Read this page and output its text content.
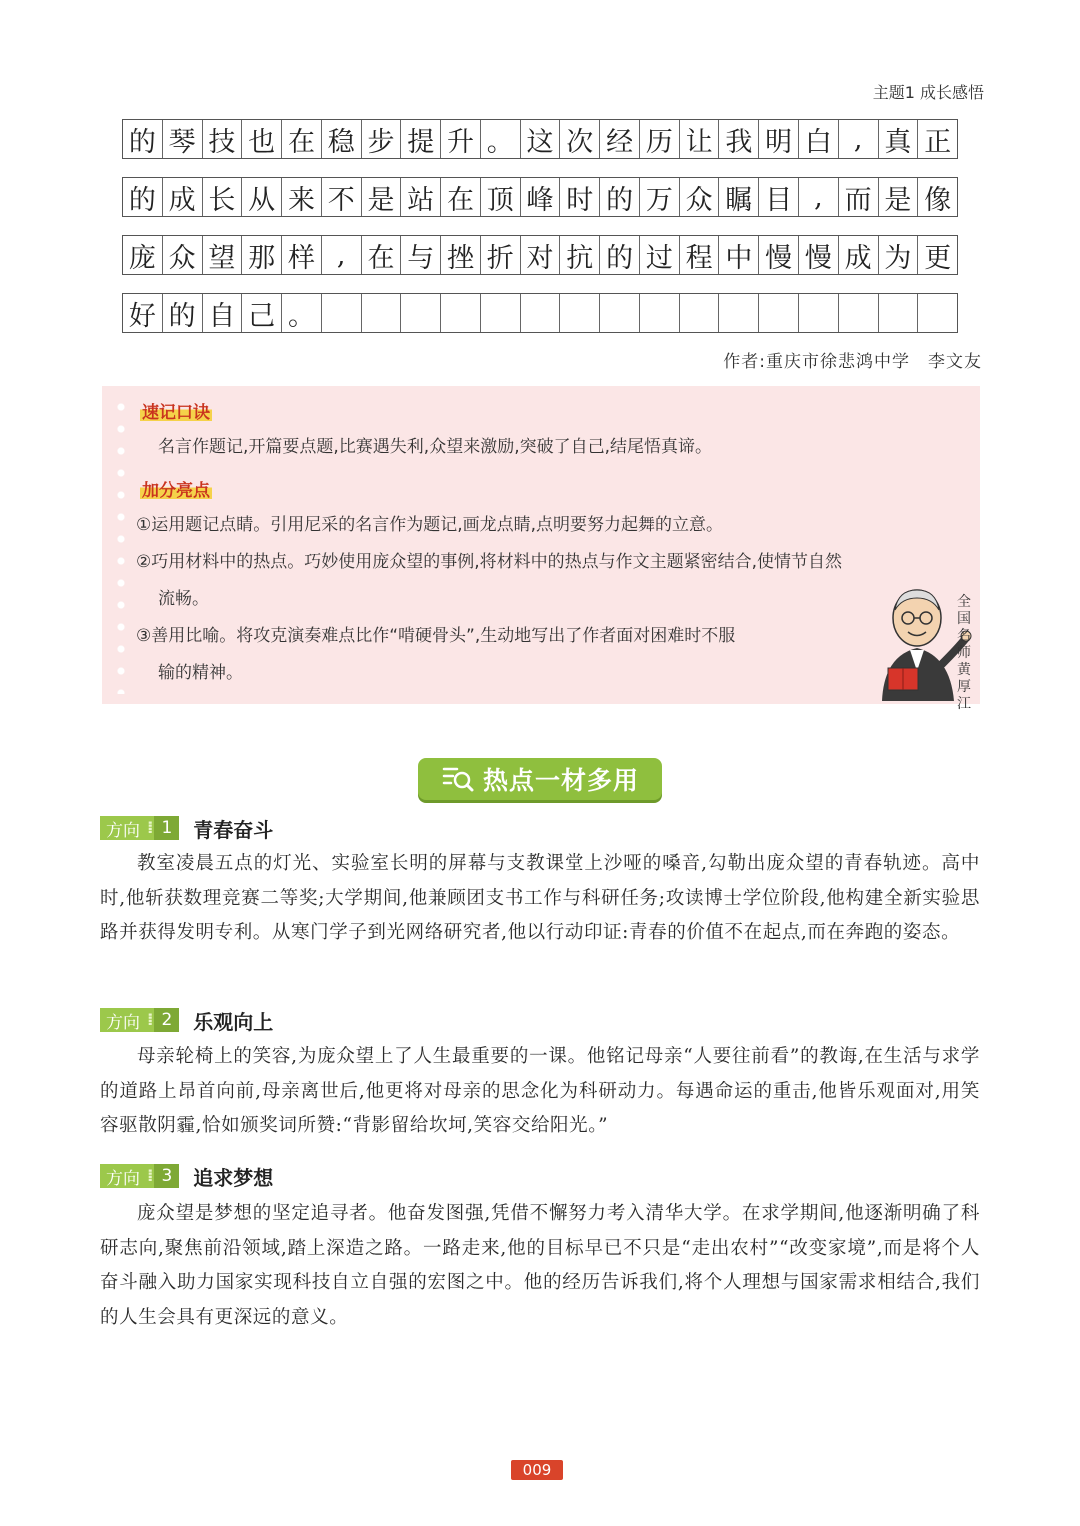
主题1 成长感悟
的 琴 技 也 在 稳 步 提 升 。 这 次 经 历 让 我 明 白 , 真 正
的 成 长 从 来 不 是 站 在 顶 峰 时 的 万 众 瞩 目 , 而 是 像
庞 众 望 那 样 , 在 与 挫 折 对 抗 的 过 程 中 慢 慢 成 为 更
好 的 自 己 。
作者:重庆市徐悲鸿中学　李文友
速记口诀
名言作题记,开篇要点题,比赛遇失利,众望来激励,突破了自己,结尾悟真谛。
加分亮点
①运用题记点睛。引用尼采的名言作为题记,画龙点睛,点明要努力起舞的立意。
②巧用材料中的热点。巧妙使用庞众望的事例,将材料中的热点与作文主题紧密结合,使情节自然
流畅。
③善用比喻。将攻克演奏难点比作“啃硬骨头”,生动地写出了作者面对困难时不服
输的精神。
全国名师黄厚江
热点一材多用
方向 ⁞ 1	青春奋斗
教室凌晨五点的灯光、实验室长明的屏幕与支教课堂上沙哑的嗓音,勾勒出庞众望的青春轨迹。高中时,他斩获数理竞赛二等奖;大学期间,他兼顾团支书工作与科研任务;攻读博士学位阶段,他构建全新实验思路并获得发明专利。从寒门学子到光网络研究者,他以行动印证:青春的价值不在起点,而在奔跑的姿态。
方向 ⁞ 2	乐观向上
母亲轮椅上的笑容,为庞众望上了人生最重要的一课。他铭记母亲“人要往前看”的教诲,在生活与求学的道路上昂首向前,母亲离世后,他更将对母亲的思念化为科研动力。每遇命运的重击,他皆乐观面对,用笑容驱散阴霾,恰如颁奖词所赞:“背影留给坎坷,笑容交给阳光。”
方向 ⁞ 3	追求梦想
庞众望是梦想的坚定追寻者。他奋发图强,凭借不懈努力考入清华大学。在求学期间,他逐渐明确了科研志向,聚焦前沿领域,踏上深造之路。一路走来,他的目标早已不只是“走出农村”“改变家境”,而是将个人奋斗融入助力国家实现科技自立自强的宏图之中。他的经历告诉我们,将个人理想与国家需求相结合,我们的人生会具有更深远的意义。
009
